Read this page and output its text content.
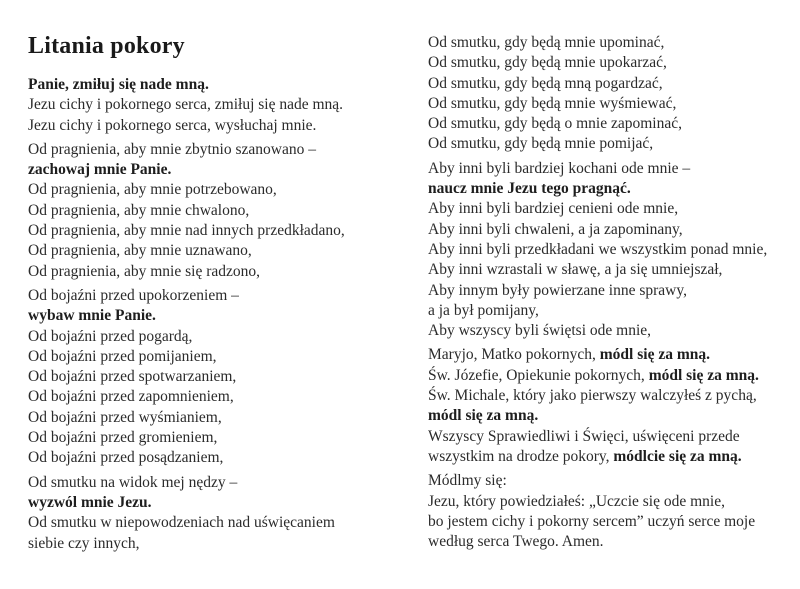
Litania pokory

Panie, zmiłuj się nade mną.
Jezu cichy i pokornego serca, zmiłuj się nade mną.
Jezu cichy i pokornego serca, wysłuchaj mnie.

Od pragnienia, aby mnie zbytnio szanowano –
zachowaj mnie Panie.
Od pragnienia, aby mnie potrzebowano,
Od pragnienia, aby mnie chwalono,
Od pragnienia, aby mnie nad innych przedkładano,
Od pragnienia, aby mnie uznawano,
Od pragnienia, aby mnie się radzono,

Od bojaźni przed upokorzeniem –
wybaw mnie Panie.
Od bojaźni przed pogardą,
Od bojaźni przed pomijaniem,
Od bojaźni przed spotwarzaniem,
Od bojaźni przed zapomnieniem,
Od bojaźni przed wyśmianiem,
Od bojaźni przed gromieniem,
Od bojaźni przed posądzaniem,

Od smutku na widok mej nędzy –
wyzwól mnie Jezu.
Od smutku w niepowodzeniach nad uświęcaniem
siebie czy innych,

Od smutku, gdy będą mnie upominać,
Od smutku, gdy będą mnie upokarzać,
Od smutku, gdy będą mną pogardzać,
Od smutku, gdy będą mnie wyśmiewać,
Od smutku, gdy będą o mnie zapominać,
Od smutku, gdy będą mnie pomijać,

Aby inni byli bardziej kochani ode mnie –
naucz mnie Jezu tego pragnąć.
Aby inni byli bardziej cenieni ode mnie,
Aby inni byli chwaleni, a ja zapominany,
Aby inni byli przedkładani we wszystkim ponad mnie,
Aby inni wzrastali w sławę, a ja się umniejszał,
Aby innym były powierzane inne sprawy,
a ja był pomijany,
Aby wszyscy byli świętsi ode mnie,

Maryjo, Matko pokornych, módl się za mną.
Św. Józefie, Opiekunie pokornych, módl się za mną.
Św. Michale, który jako pierwszy walczyłeś z pychą,
módl się za mną.
Wszyscy Sprawiedliwi i Święci, uświęceni przede
wszystkim na drodze pokory, módlcie się za mną.

Módlmy się:
Jezu, który powiedziałeś: „Uczcie się ode mnie,
bo jestem cichy i pokorny sercem” uczyń serce moje
według serca Twego. Amen.
